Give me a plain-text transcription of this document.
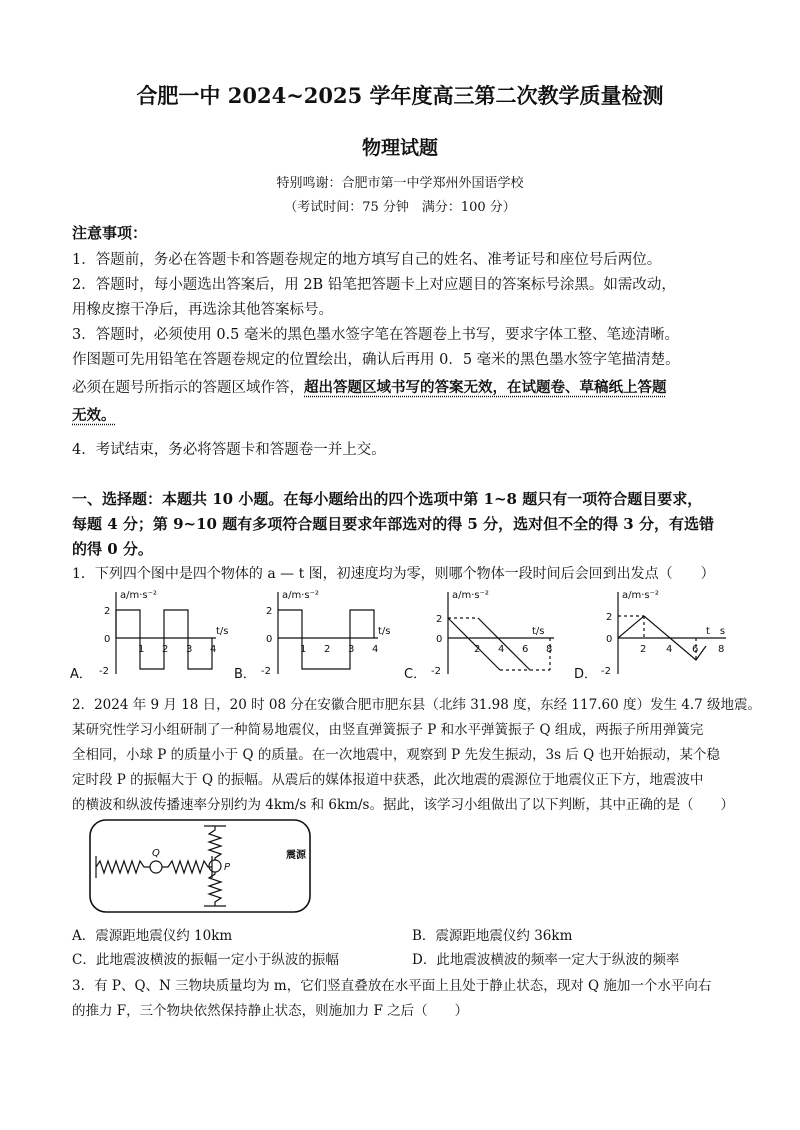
合肥一中 2024~2025 学年度高三第二次教学质量检测
物理试题
特别鸣谢：合肥市第一中学郑州外国语学校
（考试时间：75 分钟　满分：100 分）
注意事项：
1．答题前，务必在答题卡和答题卷规定的地方填写自己的姓名、准考证号和座位号后两位。
2．答题时，每小题选出答案后，用 2B 铅笔把答题卡上对应题目的答案标号涂黑。如需改动，
用橡皮擦干净后，再选涂其他答案标号。
3．答题时，必须使用 0.5 毫米的黑色墨水签字笔在答题卷上书写，要求字体工整、笔迹清晰。
作图题可先用铅笔在答题卷规定的位置绘出，确认后再用 0．5 毫米的黑色墨水签字笔描清楚。
必须在题号所指示的答题区域作答，超出答题区域书写的答案无效，在试题卷、草稿纸上答题
无效。
4．考试结束，务必将答题卡和答题卷一并上交。
一、选择题：本题共 10 小题。在每小题给出的四个选项中第 1~8 题只有一项符合题目要求，
每题 4 分；第 9~10 题有多项符合题目要求年部选对的得 5 分，选对但不全的得 3 分，有选错
的得 0 分。
1．下列四个图中是四个物体的 a — t 图，初速度均为零，则哪个物体一段时间后会回到出发点（　　）
a/m·s⁻²
t/s
2
0
-2
1 2 3 4
A．
a/m·s⁻²
t/s
2
0
-2
1 2 3 4
B．
a/m·s⁻²
t/s
2
0
-2
2 4 6 8
C．
a/m·s⁻²
t　s
2
0
-2
2 4 6 8
D．
2．2024 年 9 月 18 日，20 时 08 分在安徽合肥市肥东县（北纬 31.98 度，东经 117.60 度）发生 4.7 级地震。
某研究性学习小组研制了一种简易地震仪，由竖直弹簧振子 P 和水平弹簧振子 Q 组成，两振子所用弹簧完
全相同，小球 P 的质量小于 Q 的质量。在一次地震中，观察到 P 先发生振动，3s 后 Q 也开始振动，某个稳
定时段 P 的振幅大于 Q 的振幅。从震后的媒体报道中获悉，此次地震的震源位于地震仪正下方，地震波中
的横波和纵波传播速率分别约为 4km/s 和 6km/s。据此，该学习小组做出了以下判断，其中正确的是（　　）
Q
P
震源
A．震源距地震仪约 10km	B．震源距地震仪约 36km
C．此地震波横波的振幅一定小于纵波的振幅	D．此地震波横波的频率一定大于纵波的频率
3．有 P、Q、N 三物块质量均为 m，它们竖直叠放在水平面上且处于静止状态，现对 Q 施加一个水平向右
的推力 F，三个物块依然保持静止状态，则施加力 F 之后（　　）
